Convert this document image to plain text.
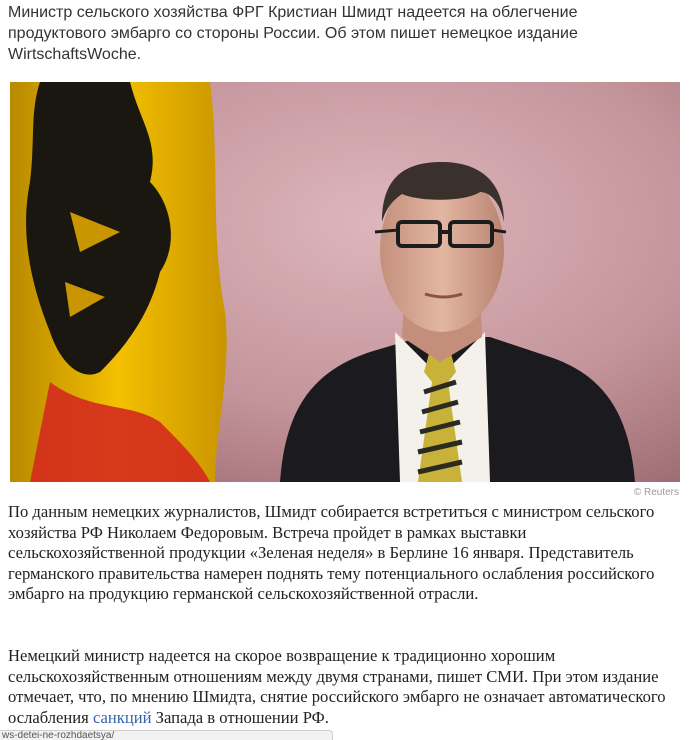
Министр сельского хозяйства ФРГ Кристиан Шмидт надеется на облегчение продуктового эмбарго со стороны России. Об этом пишет немецкое издание WirtschaftsWoche.

© Reuters

По данным немецких журналистов, Шмидт собирается встретиться с министром сельского хозяйства РФ Николаем Федоровым. Встреча пройдет в рамках выставки сельскохозяйственной продукции «Зеленая неделя» в Берлине 16 января. Представитель германского правительства намерен поднять тему потенциального ослабления российского эмбарго на продукцию германской сельскохозяйственной отрасли.

Немецкий министр надеется на скорое возвращение к традиционно хорошим сельскохозяйственным отношениям между двумя странами, пишет СМИ. При этом издание отмечает, что, по мнению Шмидта, снятие российского эмбарго не означает автоматического ослабления санкций Запада в отношении РФ.

ws-detei-ne-rozhdaetsya/
